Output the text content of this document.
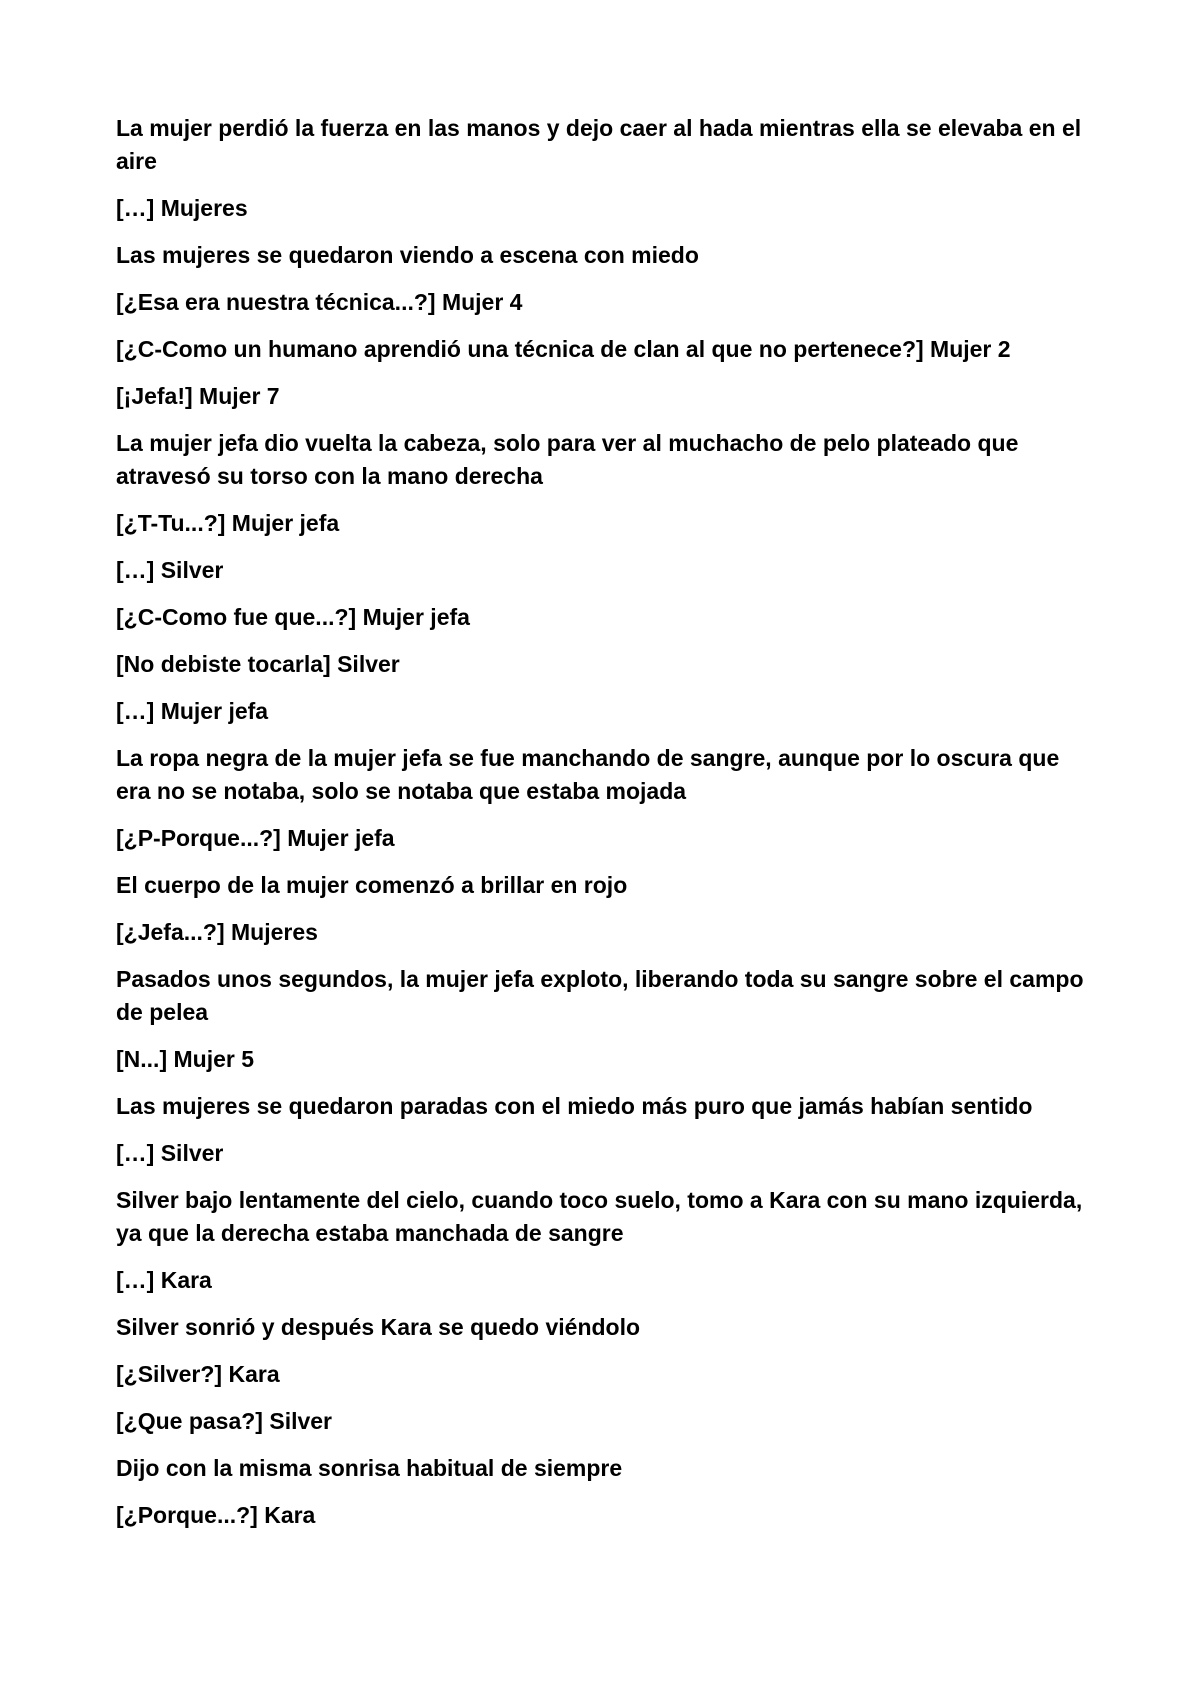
La mujer perdió la fuerza en las manos y dejo caer al hada mientras ella se elevaba en el aire

[…] Mujeres

Las mujeres se quedaron viendo a escena con miedo

[¿Esa era nuestra técnica...?] Mujer 4

[¿C-Como un humano aprendió una técnica de clan al que no pertenece?] Mujer 2

[¡Jefa!] Mujer 7

La mujer jefa dio vuelta la cabeza, solo para ver al muchacho de pelo plateado que atravesó su torso con la mano derecha

[¿T-Tu...?] Mujer jefa

[…] Silver

[¿C-Como fue que...?] Mujer jefa

[No debiste tocarla] Silver

[…] Mujer jefa

La ropa negra de la mujer jefa se fue manchando de sangre, aunque por lo oscura que era no se notaba, solo se notaba que estaba mojada

[¿P-Porque...?] Mujer jefa

El cuerpo de la mujer comenzó a brillar en rojo

[¿Jefa...?] Mujeres

Pasados unos segundos, la mujer jefa exploto, liberando toda su sangre sobre el campo de pelea

[N...] Mujer 5

Las mujeres se quedaron paradas con el miedo más puro que jamás habían sentido

[…] Silver

Silver bajo lentamente del cielo, cuando toco suelo, tomo a Kara con su mano izquierda, ya que la derecha estaba manchada de sangre

[…] Kara

Silver sonrió y después Kara se quedo viéndolo

[¿Silver?] Kara

[¿Que pasa?] Silver

Dijo con la misma sonrisa habitual de siempre

[¿Porque...?] Kara
